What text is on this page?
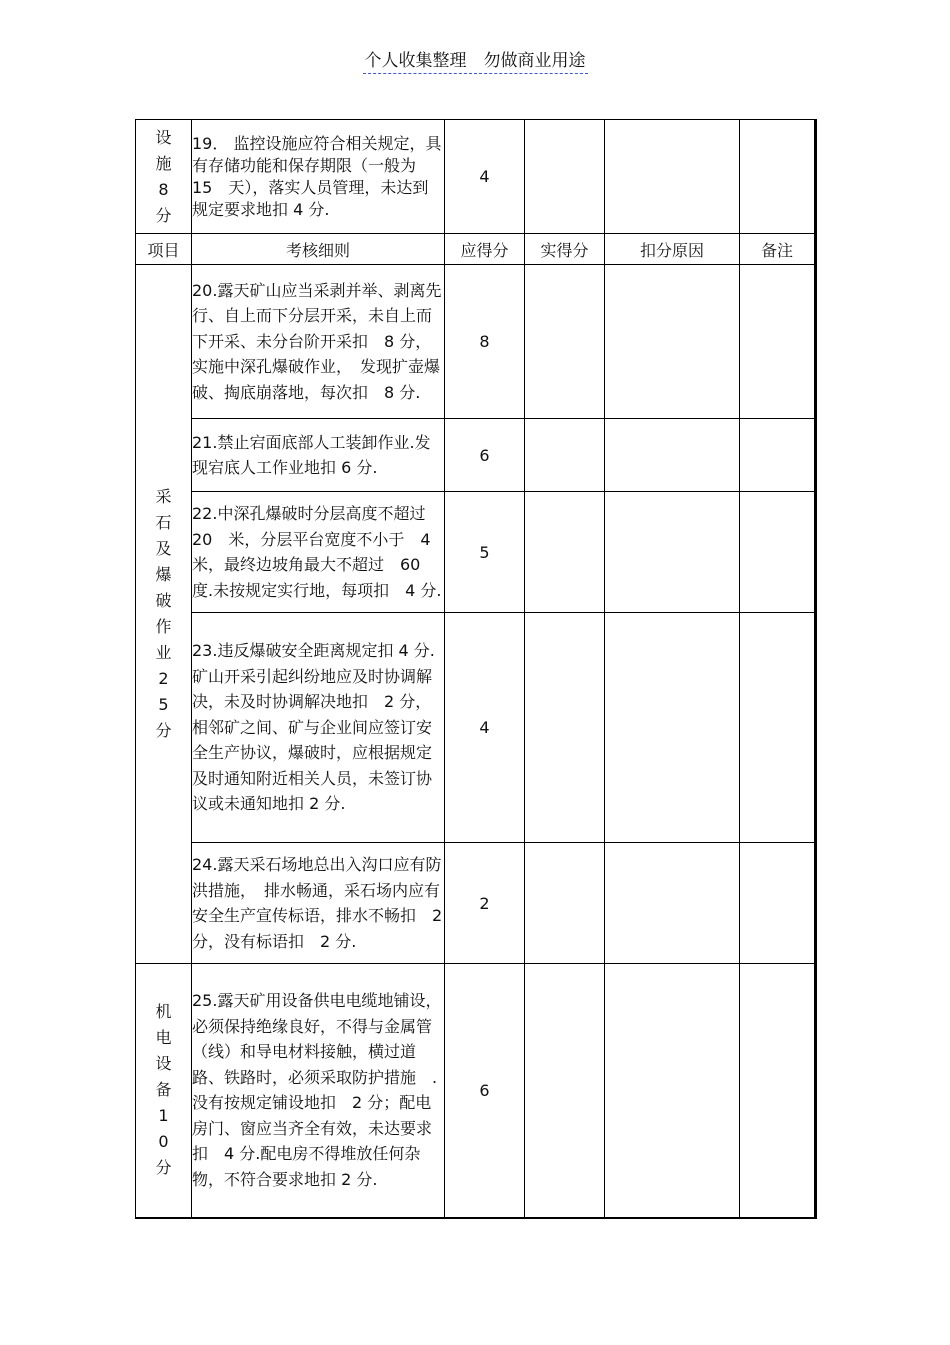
个人收集整理　勿做商业用途
设施8分	19． 监控设施应符合相关规定，具有存储功能和保存期限（一般为　15　天），落实人员管理，未达到规定要求地扣 4 分.	4			
项目	考核细则	应得分	实得分	扣分原因	备注

采石及爆破作业25分	20.露天矿山应当采剥并举、剥离先行、自上而下分层开采，未自上而下开采、未分台阶开采扣　8 分，实施中深孔爆破作业，　发现扩壶爆破、掏底崩落地，每次扣　8 分.	8			

	21.禁止宕面底部人工装卸作业.发现宕底人工作业地扣 6 分.	6			

	22.中深孔爆破时分层高度不超过　20　米，分层平台宽度不小于　4　米，最终边坡角最大不超过　60　度.未按规定实行地，每项扣　4 分.	5			

	23.违反爆破安全距离规定扣 4 分.矿山开采引起纠纷地应及时协调解决，未及时协调解决地扣　2 分，相邻矿之间、矿与企业间应签订安全生产协议，爆破时，应根据规定及时通知附近相关人员，未签订协议或未通知地扣 2 分.	4			

	24.露天采石场地总出入沟口应有防洪措施，　排水畅通，采石场内应有安全生产宣传标语，排水不畅扣　2　分，没有标语扣　2 分.	2			

机电设备10分	25.露天矿用设备供电电缆地铺设，必须保持绝缘良好，不得与金属管（线）和导电材料接触，横过道路、铁路时，必须采取防护措施　.没有按规定铺设地扣　2 分；配电房门、窗应当齐全有效，未达要求扣　4 分.配电房不得堆放任何杂物，不符合要求地扣 2 分.	6			
